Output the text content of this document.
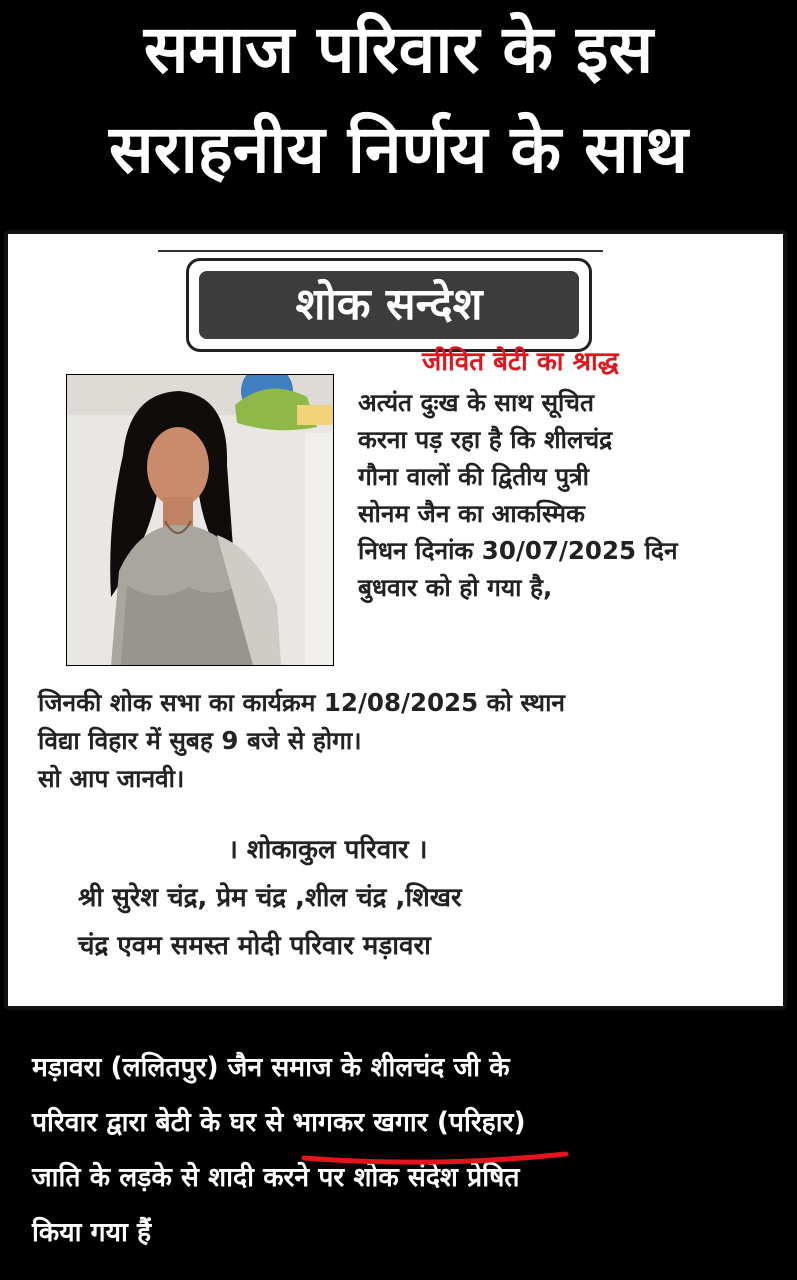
समाज परिवार के इस
सराहनीय निर्णय के साथ
शोक सन्देश
जीवित बेटी का श्राद्ध
अत्यंत दुःख के साथ सूचित
करना पड़ रहा है कि शीलचंद्र
गौना वालों की द्वितीय पुत्री
सोनम जैन का आकस्मिक
निधन दिनांक 30/07/2025 दिन
बुधवार को हो गया है,
जिनकी शोक सभा का कार्यक्रम 12/08/2025 को स्थान
विद्या विहार में सुबह 9 बजे से होगा।
सो आप जानवी।
। शोकाकुल परिवार ।
श्री सुरेश चंद्र, प्रेम चंद्र ,शील चंद्र ,शिखर
चंद्र एवम समस्त मोदी परिवार मड़ावरा
मड़ावरा (ललितपुर) जैन समाज के शीलचंद जी के
परिवार द्वारा बेटी के घर से भागकर खगार (परिहार)
जाति के लड़के से शादी करने पर शोक संदेश प्रेषित
किया गया हैं
